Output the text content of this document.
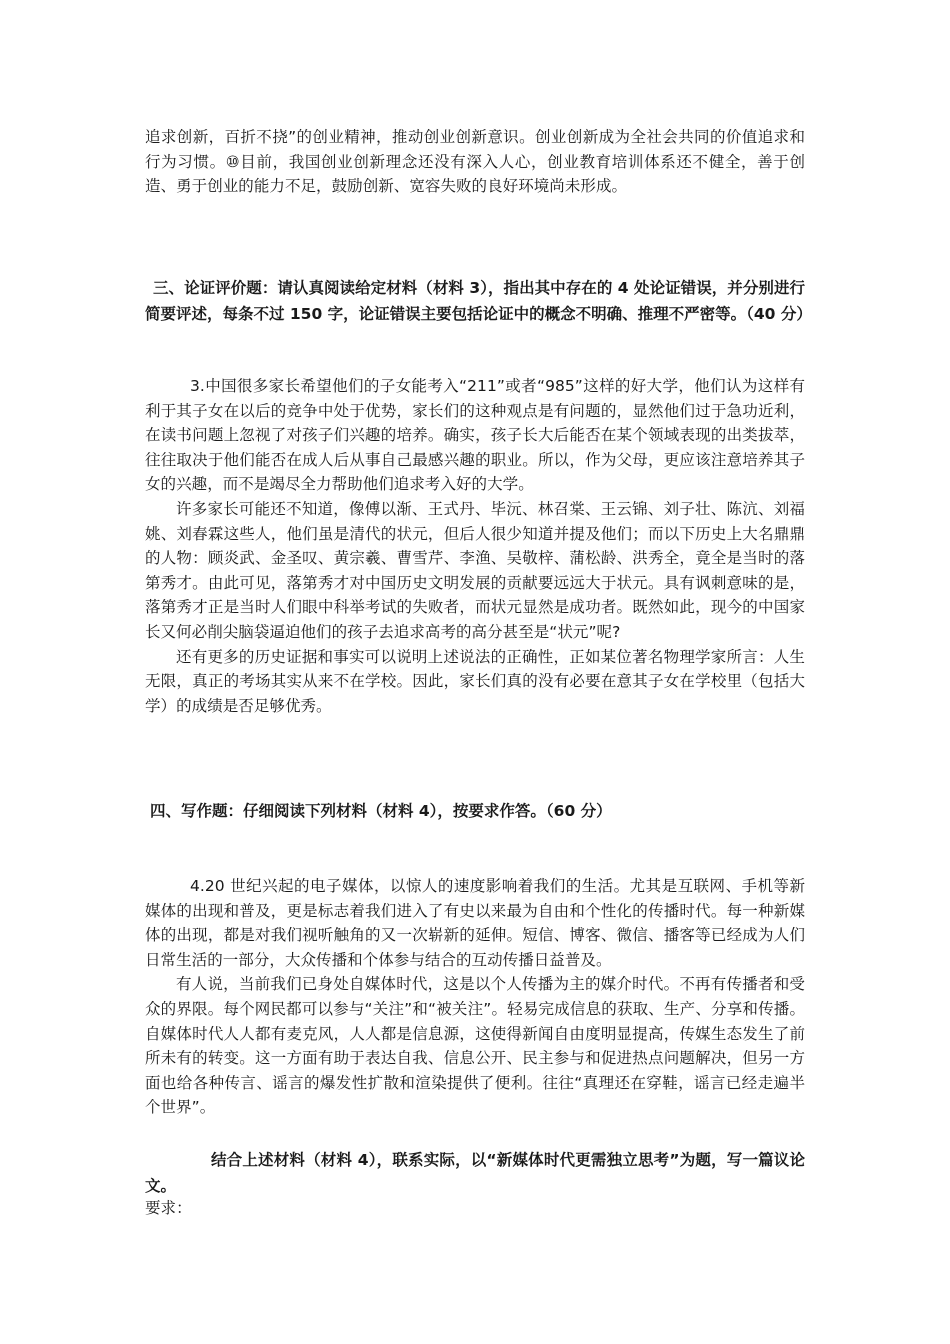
追求创新，百折不挠”的创业精神，推动创业创新意识。创业创新成为全社会共同的价值追求和行为习惯。⑩目前，我国创业创新理念还没有深入人心，创业教育培训体系还不健全，善于创造、勇于创业的能力不足，鼓励创新、宽容失败的良好环境尚未形成。

三、论证评价题：请认真阅读给定材料（材料 3），指出其中存在的 4 处论证错误，并分别进行简要评述，每条不过 150 字，论证错误主要包括论证中的概念不明确、推理不严密等。（40 分）

3.中国很多家长希望他们的子女能考入“211”或者“985”这样的好大学，他们认为这样有利于其子女在以后的竞争中处于优势，家长们的这种观点是有问题的，显然他们过于急功近利，在读书问题上忽视了对孩子们兴趣的培养。确实，孩子长大后能否在某个领域表现的出类拔萃，往往取决于他们能否在成人后从事自己最感兴趣的职业。所以，作为父母，更应该注意培养其子女的兴趣，而不是竭尽全力帮助他们追求考入好的大学。

许多家长可能还不知道，像傅以渐、王式丹、毕沅、林召棠、王云锦、刘子壮、陈沆、刘福姚、刘春霖这些人，他们虽是清代的状元，但后人很少知道并提及他们；而以下历史上大名鼎鼎的人物：顾炎武、金圣叹、黄宗羲、曹雪芹、李渔、吴敬梓、蒲松龄、洪秀全，竟全是当时的落第秀才。由此可见，落第秀才对中国历史文明发展的贡献要远远大于状元。具有讽刺意味的是，落第秀才正是当时人们眼中科举考试的失败者，而状元显然是成功者。既然如此，现今的中国家长又何必削尖脑袋逼迫他们的孩子去追求高考的高分甚至是“状元”呢?

还有更多的历史证据和事实可以说明上述说法的正确性，正如某位著名物理学家所言：人生无限，真正的考场其实从来不在学校。因此，家长们真的没有必要在意其子女在学校里（包括大学）的成绩是否足够优秀。

四、写作题：仔细阅读下列材料（材料 4），按要求作答。（60 分）

4.20 世纪兴起的电子媒体，以惊人的速度影响着我们的生活。尤其是互联网、手机等新媒体的出现和普及，更是标志着我们进入了有史以来最为自由和个性化的传播时代。每一种新媒体的出现，都是对我们视听触角的又一次崭新的延伸。短信、博客、微信、播客等已经成为人们日常生活的一部分，大众传播和个体参与结合的互动传播日益普及。

有人说，当前我们已身处自媒体时代，这是以个人传播为主的媒介时代。不再有传播者和受众的界限。每个网民都可以参与“关注”和“被关注”。轻易完成信息的获取、生产、分享和传播。自媒体时代人人都有麦克风，人人都是信息源，这使得新闻自由度明显提高，传媒生态发生了前所未有的转变。这一方面有助于表达自我、信息公开、民主参与和促进热点问题解决，但另一方面也给各种传言、谣言的爆发性扩散和渲染提供了便利。往往“真理还在穿鞋，谣言已经走遍半个世界”。

结合上述材料（材料 4），联系实际，以“新媒体时代更需独立思考”为题，写一篇议论文。

要求：
